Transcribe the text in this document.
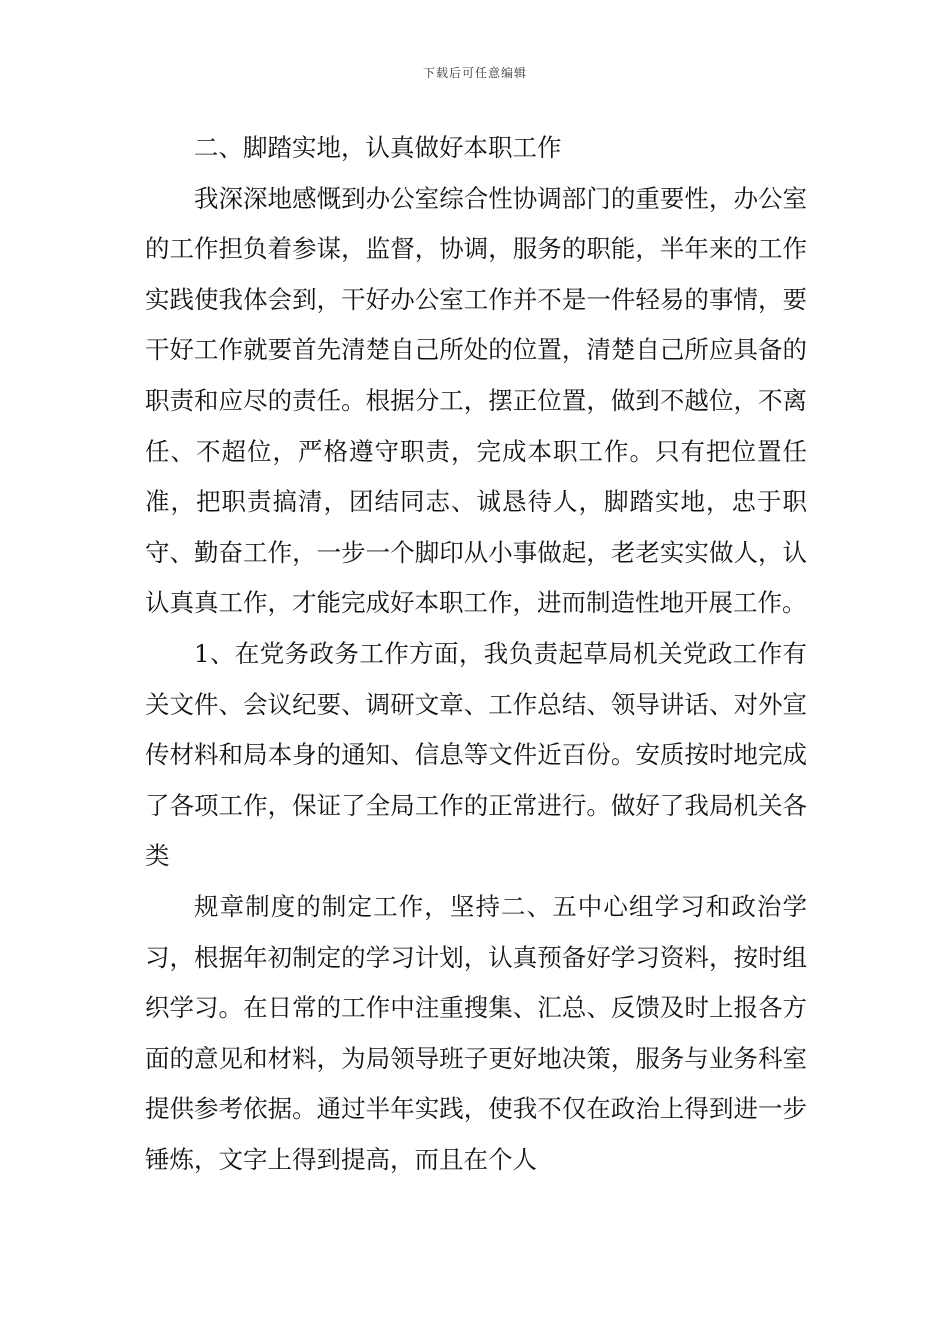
下载后可任意编辑

二、脚踏实地，认真做好本职工作

我深深地感慨到办公室综合性协调部门的重要性，办公室的工作担负着参谋，监督，协调，服务的职能，半年来的工作实践使我体会到，干好办公室工作并不是一件轻易的事情，要干好工作就要首先清楚自己所处的位置，清楚自己所应具备的职责和应尽的责任。根据分工，摆正位置，做到不越位，不离任、不超位，严格遵守职责，完成本职工作。只有把位置任准，把职责搞清，团结同志、诚恳待人，脚踏实地，忠于职守、勤奋工作，一步一个脚印从小事做起，老老实实做人，认认真真工作，才能完成好本职工作，进而制造性地开展工作。

1、在党务政务工作方面，我负责起草局机关党政工作有关文件、会议纪要、调研文章、工作总结、领导讲话、对外宣传材料和局本身的通知、信息等文件近百份。安质按时地完成了各项工作，保证了全局工作的正常进行。做好了我局机关各类

规章制度的制定工作，坚持二、五中心组学习和政治学习，根据年初制定的学习计划，认真预备好学习资料，按时组织学习。在日常的工作中注重搜集、汇总、反馈及时上报各方面的意见和材料，为局领导班子更好地决策，服务与业务科室提供参考依据。通过半年实践，使我不仅在政治上得到进一步锤炼，文字上得到提高，而且在个人
